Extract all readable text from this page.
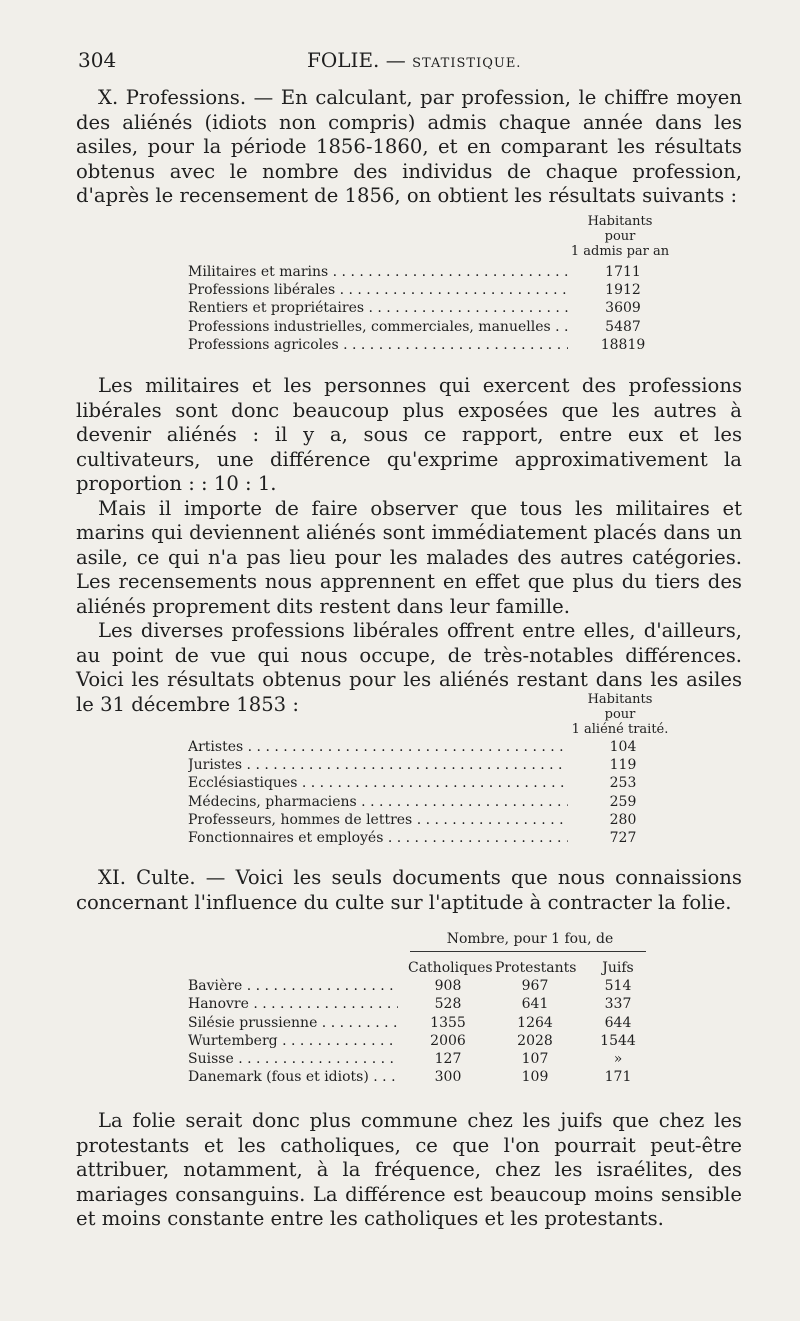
304	FOLIE. — STATISTIQUE.

X. Professions. — En calculant, par profession, le chiffre moyen des aliénés (idiots non compris) admis chaque année dans les asiles, pour la période 1856-1860, et en comparant les résultats obtenus avec le nombre des individus de chaque profession, d'après le recensement de 1856, on obtient les résultats suivants :

Habitants
pour
1 admis par an
Militaires et marins . . .	1711
Professions libérales . . .	1912
Rentiers et propriétaires . . .	3609
Professions industrielles, commerciales, manuelles . . .	5487
Professions agricoles . . .	18819

Les militaires et les personnes qui exercent des professions libérales sont donc beaucoup plus exposées que les autres à devenir aliénés : il y a, sous ce rapport, entre eux et les cultivateurs, une différence qu'exprime approximativement la proportion : : 10 : 1.

Mais il importe de faire observer que tous les militaires et marins qui deviennent aliénés sont immédiatement placés dans un asile, ce qui n'a pas lieu pour les malades des autres catégories. Les recensements nous apprennent en effet que plus du tiers des aliénés proprement dits restent dans leur famille.

Les diverses professions libérales offrent entre elles, d'ailleurs, au point de vue qui nous occupe, de très-notables différences. Voici les résultats obtenus pour les aliénés restant dans les asiles le 31 décembre 1853 :	Habitants
pour
1 aliéné traité.
Artistes . . .	104
Juristes . . .	119
Ecclésiastiques . . .	253
Médecins, pharmaciens . . .	259
Professeurs, hommes de lettres . . .	280
Fonctionnaires et employés . . .	727

XI. Culte. — Voici les seuls documents que nous connaissions concernant l'influence du culte sur l'aptitude à contracter la folie.

Nombre, pour 1 fou, de
Catholiques Protestants	Juifs
Bavière . . .	908	967	514
Hanovre . . .	528	641	337
Silésie prussienne . . .	1355	1264	644
Wurtemberg . . .	2006	2028	1544
Suisse . . .	127	107	»
Danemark (fous et idiots) . . .	300	109	171

La folie serait donc plus commune chez les juifs que chez les protestants et les catholiques, ce que l'on pourrait peut-être attribuer, notamment, à la fréquence, chez les israélites, des mariages consanguins. La différence est beaucoup moins sensible et moins constante entre les catholiques et les protestants.
